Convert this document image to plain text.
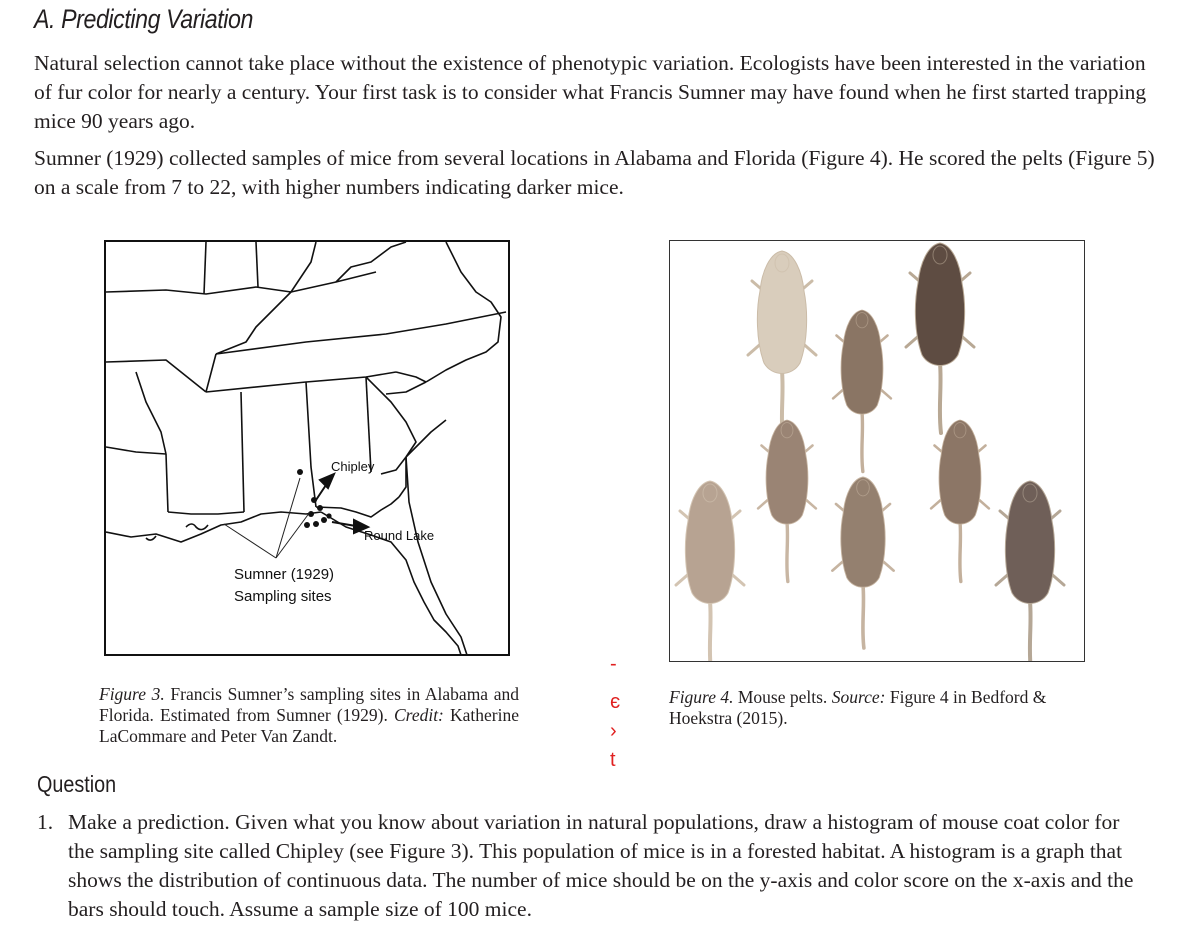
A. Predicting Variation

Natural selection cannot take place without the existence of phenotypic variation. Ecologists have been interested in the variation of fur color for nearly a century. Your first task is to consider what Francis Sumner may have found when he first started trapping mice 90 years ago.

Sumner (1929) collected samples of mice from several locations in Alabama and Florida (Figure 4). He scored the pelts (Figure 5) on a scale from 7 to 22, with higher numbers indicating darker mice.

Chipley
Round Lake
Sumner (1929)
Sampling sites

Figure 3. Francis Sumner’s sampling sites in Alabama and Florida. Estimated from Sumner (1929). Credit: Katherine LaCommare and Peter Van Zandt.

Figure 4. Mouse pelts. Source: Figure 4 in Bedford & Hoekstra (2015).

-
є
›
t
Question
1. Make a prediction. Given what you know about variation in natural populations, draw a histogram of mouse coat color for the sampling site called Chipley (see Figure 3). This population of mice is in a forested habitat. A histogram is a graph that shows the distribution of continuous data. The number of mice should be on the y-axis and color score on the x-axis and the bars should touch. Assume a sample size of 100 mice.
